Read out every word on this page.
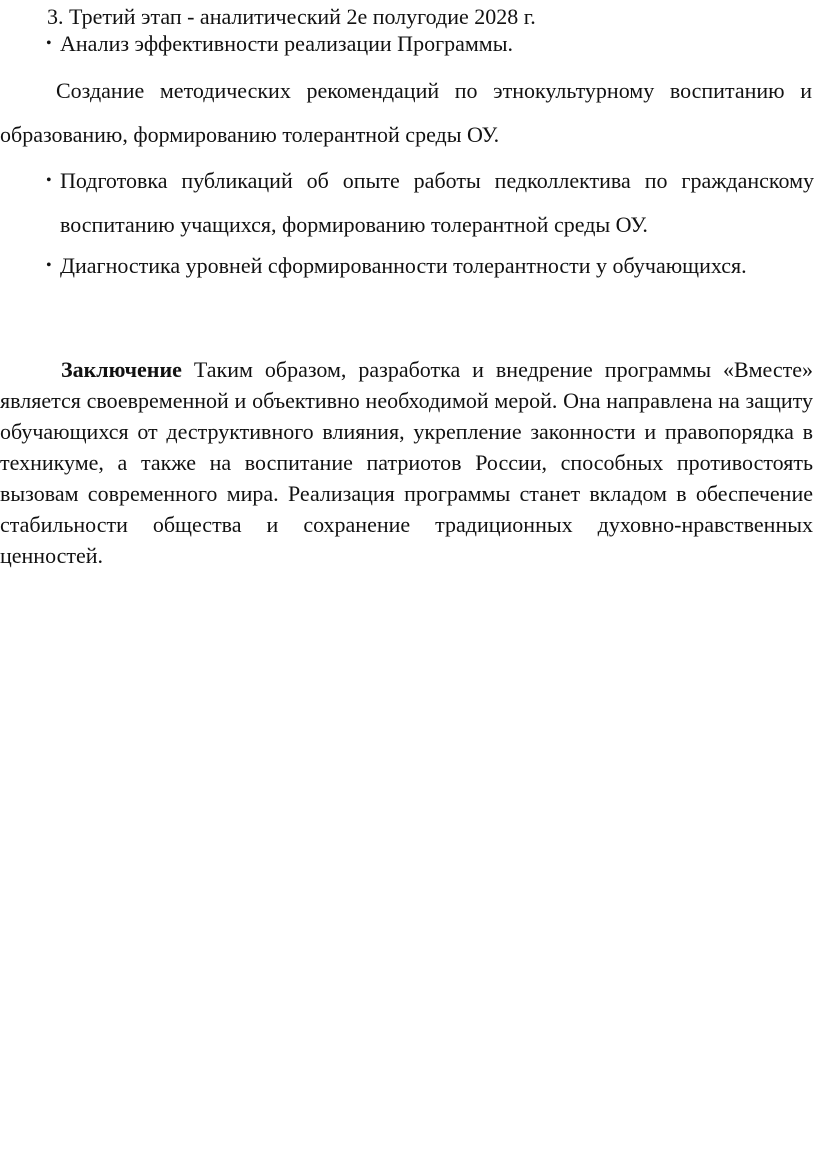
3. Третий этап - аналитический 2е полугодие 2028 г.
• Анализ эффективности реализации Программы.
Создание методических рекомендаций по этнокультурному воспитанию и образованию, формированию толерантной среды ОУ.
• Подготовка публикаций об опыте работы педколлектива по гражданскому воспитанию учащихся, формированию толерантной среды ОУ.
• Диагностика уровней сформированности толерантности у обучающихся.
Заключение Таким образом, разработка и внедрение программы «Вместе» является своевременной и объективно необходимой мерой. Она направлена на защиту обучающихся от деструктивного влияния, укрепление законности и правопорядка в техникуме, а также на воспитание патриотов России, способных противостоять вызовам современного мира. Реализация программы станет вкладом в обеспечение стабильности общества и сохранение традиционных духовно-нравственных ценностей.
